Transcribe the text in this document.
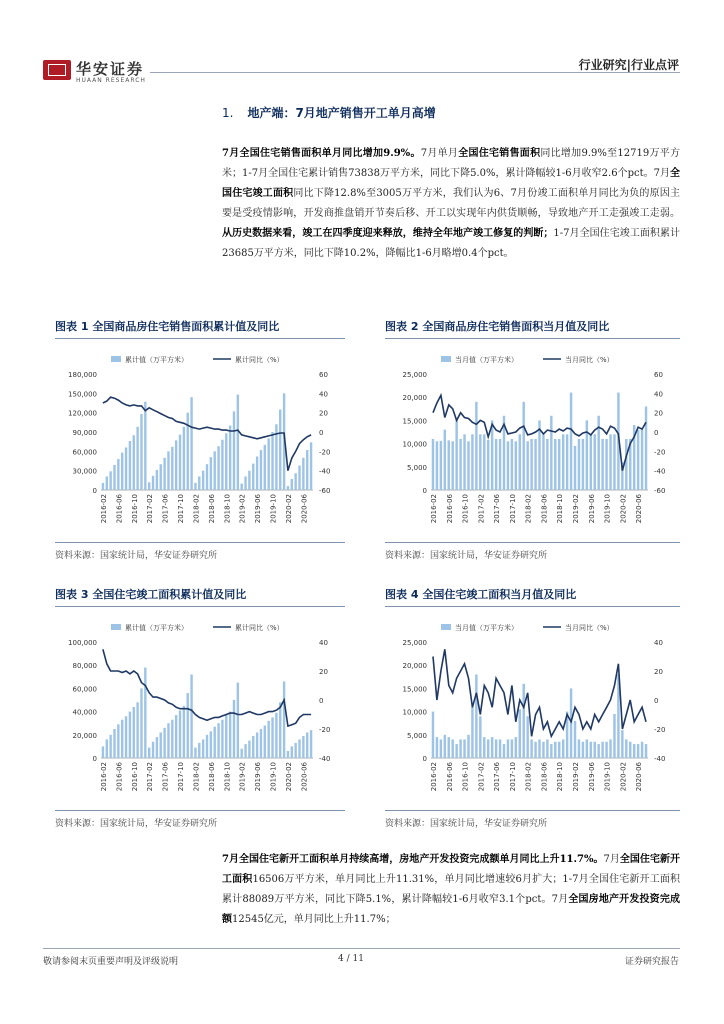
华安证券
HUAAN RESEARCH
行业研究|行业点评
1. 地产端：7月地产销售开工单月高增
7月全国住宅销售面积单月同比增加9.9%。7月单月全国住宅销售面积同比增加9.9%至12719万平方米；1-7月全国住宅累计销售73838万平方米，同比下降5.0%，累计降幅较1-6月收窄2.6个pct。7月全国住宅竣工面积同比下降12.8%至3005万平方米，我们认为6、7月份竣工面积单月同比为负的原因主要是受疫情影响，开发商推盘销开节奏后移、开工以实现年内供货顺畅，导致地产开工走强竣工走弱。从历史数据来看，竣工在四季度迎来释放，维持全年地产竣工修复的判断；1-7月全国住宅竣工面积累计23685万平方米，同比下降10.2%，降幅比1-6月略增0.4个pct。
图表 1 全国商品房住宅销售面积累计值及同比	图表 2 全国商品房住宅销售面积当月值及同比
累计值（万平方米）	累计同比（%）
180,000
150,000
120,000
90,000
60,000
30,000
0
60
40
20
0
-20
-40
-60
2016-02 2016-06 2016-10 2017-02 2017-06 2017-10 2018-02 2018-06 2018-10 2019-02 2019-06 2019-10 2020-02 2020-06
当月值（万平方米）	当月同比（%）
25,000
20,000
15,000
10,000
5,000
0
60
40
20
0
-20
-40
-60
2016-02 2016-06 2016-10 2017-02 2017-06 2017-10 2018-02 2018-06 2018-10 2019-02 2019-06 2019-10 2020-02 2020-06
资料来源：国家统计局，华安证券研究所	资料来源：国家统计局，华安证券研究所
图表 3 全国住宅竣工面积累计值及同比	图表 4 全国住宅竣工面积当月值及同比
累计值（万平方米）	累计同比（%）
100,000
80,000
60,000
40,000
20,000
0
40
20
0
-20
-40
2016-02 2016-06 2016-10 2017-02 2017-06 2017-10 2018-02 2018-06 2018-10 2019-02 2019-06 2019-10 2020-02 2020-06
当月值（万平方米）	当月同比（%）
25,000
20,000
15,000
10,000
5,000
0
40
20
0
-20
-40
2016-02 2016-06 2016-10 2017-02 2017-06 2017-10 2018-02 2018-06 2018-10 2019-02 2019-06 2019-10 2020-02 2020-06
资料来源：国家统计局，华安证券研究所	资料来源：国家统计局，华安证券研究所
7月全国住宅新开工面积单月持续高增，房地产开发投资完成额单月同比上升11.7%。7月全国住宅新开工面积16506万平方米，单月同比上升11.31%，单月同比增速较6月扩大；1-7月全国住宅新开工面积累计88089万平方米，同比下降5.1%，累计降幅较1-6月收窄3.1个pct。7月全国房地产开发投资完成额12545亿元，单月同比上升11.7%；
敬请参阅末页重要声明及评级说明	4 / 11	证券研究报告
